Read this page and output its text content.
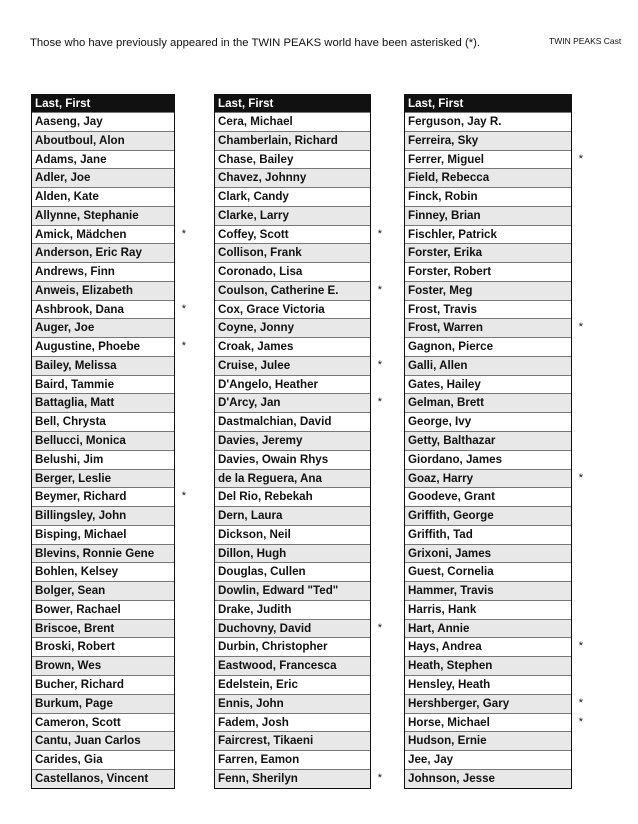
Those who have previously appeared in the TWIN PEAKS world have been asterisked (*).	TWIN PEAKS Cast
Last, First
Aaseng, Jay
Aboutboul, Alon
Adams, Jane
Adler, Joe
Alden, Kate
Allynne, Stephanie
Amick, Mädchen	*
Anderson, Eric Ray
Andrews, Finn
Anweis, Elizabeth
Ashbrook, Dana	*
Auger, Joe
Augustine, Phoebe	*
Bailey, Melissa
Baird, Tammie
Battaglia, Matt
Bell, Chrysta
Bellucci, Monica
Belushi, Jim
Berger, Leslie
Beymer, Richard	*
Billingsley, John
Bisping, Michael
Blevins, Ronnie Gene
Bohlen, Kelsey
Bolger, Sean
Bower, Rachael
Briscoe, Brent
Broski, Robert
Brown, Wes
Bucher, Richard
Burkum, Page
Cameron, Scott
Cantu, Juan Carlos
Carides, Gia
Castellanos, Vincent
Last, First
Cera, Michael
Chamberlain, Richard
Chase, Bailey
Chavez, Johnny
Clark, Candy
Clarke, Larry
Coffey, Scott	*
Collison, Frank
Coronado, Lisa
Coulson, Catherine E.	*
Cox, Grace Victoria
Coyne, Jonny
Croak, James
Cruise, Julee	*
D'Angelo, Heather
D'Arcy, Jan	*
Dastmalchian, David
Davies, Jeremy
Davies, Owain Rhys
de la Reguera, Ana
Del Rio, Rebekah
Dern, Laura
Dickson, Neil
Dillon, Hugh
Douglas, Cullen
Dowlin, Edward "Ted"
Drake, Judith
Duchovny, David	*
Durbin, Christopher
Eastwood, Francesca
Edelstein, Eric
Ennis, John
Fadem, Josh
Faircrest, Tikaeni
Farren, Eamon
Fenn, Sherilyn	*
Last, First
Ferguson, Jay R.
Ferreira, Sky
Ferrer, Miguel	*
Field, Rebecca
Finck, Robin
Finney, Brian
Fischler, Patrick
Forster, Erika
Forster, Robert
Foster, Meg
Frost, Travis
Frost, Warren	*
Gagnon, Pierce
Galli, Allen
Gates, Hailey
Gelman, Brett
George, Ivy
Getty, Balthazar
Giordano, James
Goaz, Harry	*
Goodeve, Grant
Griffith, George
Griffith, Tad
Grixoni, James
Guest, Cornelia
Hammer, Travis
Harris, Hank
Hart, Annie
Hays, Andrea	*
Heath, Stephen
Hensley, Heath
Hershberger, Gary	*
Horse, Michael	*
Hudson, Ernie
Jee, Jay
Johnson, Jesse
